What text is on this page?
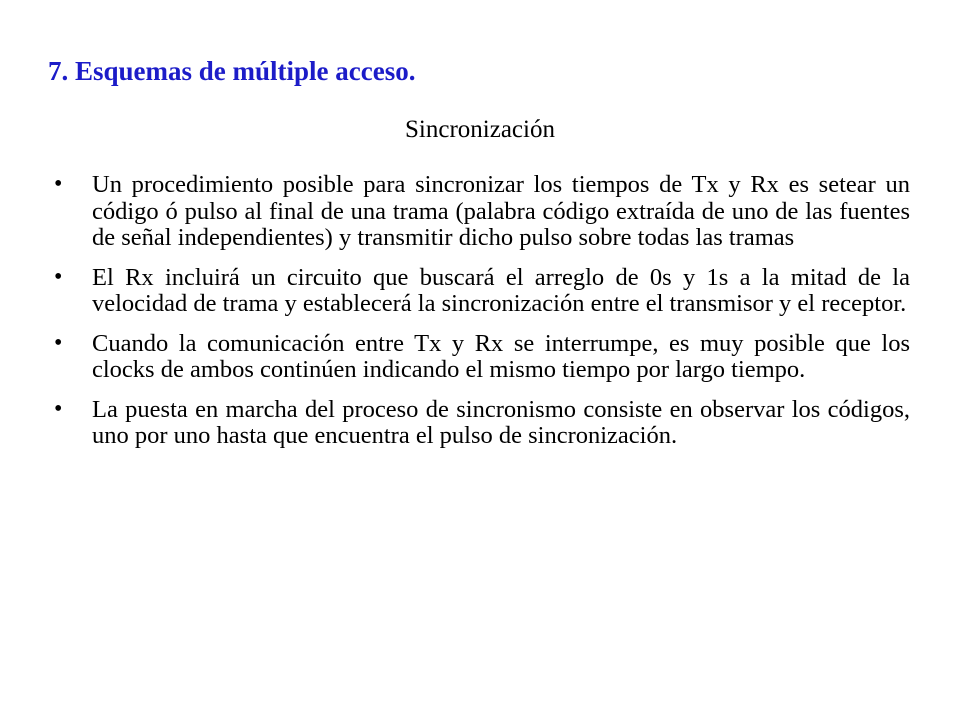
7. Esquemas de múltiple acceso.
Sincronización
• Un procedimiento posible para sincronizar los tiempos de Tx y Rx es setear un código ó pulso al final de una trama (palabra código extraída de uno de las fuentes de señal independientes) y transmitir dicho pulso sobre todas las tramas
• El Rx incluirá un circuito que buscará el arreglo de 0s y 1s a la mitad de la velocidad de trama y establecerá la sincronización entre el transmisor y el receptor.
• Cuando la comunicación entre Tx y Rx se interrumpe, es muy posible que los clocks de ambos continúen indicando el mismo tiempo por largo tiempo.
• La puesta en marcha del proceso de sincronismo consiste en observar los códigos, uno por uno hasta que encuentra el pulso de sincronización.
